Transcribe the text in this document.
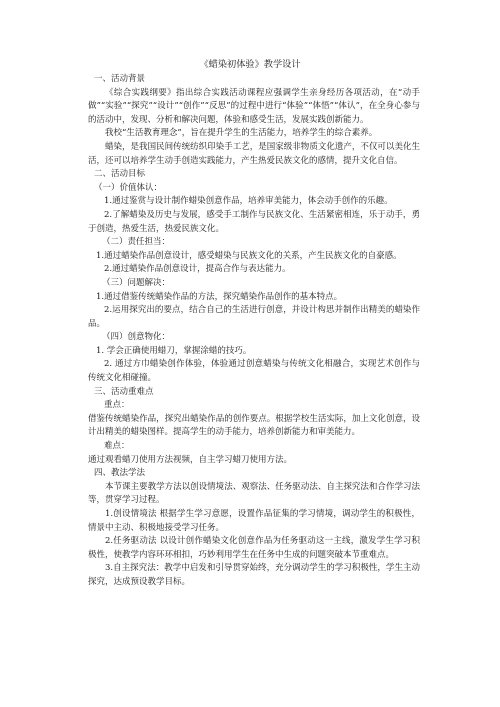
《蜡染初体验》教学设计

一、活动背景

《综合实践纲要》指出综合实践活动课程应强调学生亲身经历各项活动，在“动手做”“实验”“探究”“设计”“创作”“反思”的过程中进行“体验”“体悟”“体认”，在全身心参与的活动中，发现、分析和解决问题，体验和感受生活，发展实践创新能力。

我校“生活教育理念”，旨在提升学生的生活能力，培养学生的综合素养。

蜡染，是我国民间传统纺织印染手工艺，是国家级非物质文化遗产，不仅可以美化生活，还可以培养学生动手创造实践能力，产生热爱民族文化的感情，提升文化自信。

二、活动目标

（一）价值体认：

1.通过鉴赏与设计制作蜡染创意作品，培养审美能力，体会动手创作的乐趣。

2.了解蜡染及历史与发展，感受手工制作与民族文化、生活紧密相连，乐于动手，勇于创造，热爱生活，热爱民族文化。

（二）责任担当：

1.通过蜡染作品创意设计，感受蜡染与民族文化的关系，产生民族文化的自豪感。

2.通过蜡染作品创意设计，提高合作与表达能力。

（三）问题解决：

1.通过借鉴传统蜡染作品的方法，探究蜡染作品创作的基本特点。

2.运用探究出的要点，结合自己的生活进行创意，并设计构思并制作出精美的蜡染作品。

（四）创意物化：

1. 学会正确使用蜡刀，掌握涂蜡的技巧。

2. 通过方巾蜡染创作体验，体验通过创意蜡染与传统文化相融合，实现艺术创作与传统文化相碰撞。

三、活动重难点

重点：

借鉴传统蜡染作品，探究出蜡染作品的创作要点。根据学校生活实际，加上文化创意，设计出精美的蜡染图样。提高学生的动手能力，培养创新能力和审美能力。

难点：

通过观看蜡刀使用方法视频，自主学习蜡刀使用方法。

四、教法学法

本节课主要教学方法以创设情境法、观察法、任务驱动法、自主探究法和合作学习法等，贯穿学习过程。

1.创设情境法 根据学生学习意愿，设置作品征集的学习情境，调动学生的积极性，情景中主动、积极地接受学习任务。

2.任务驱动法 以设计创作蜡染文化创意作品为任务驱动这一主线，激发学生学习积极性，使教学内容环环相扣，巧妙利用学生在任务中生成的问题突破本节重难点。

3.自主探究法：教学中启发和引导贯穿始终，充分调动学生的学习积极性，学生主动探究，达成预设教学目标。
